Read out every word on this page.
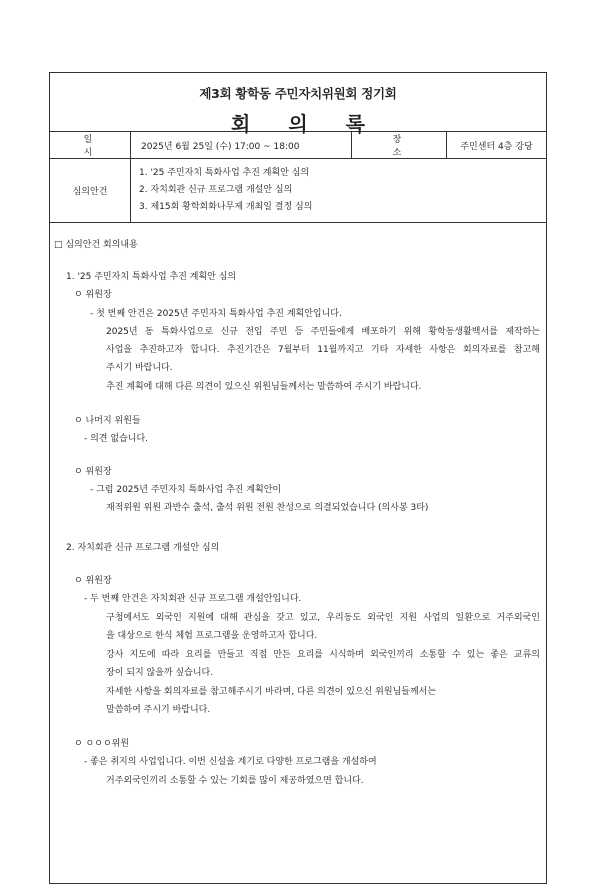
제3회 황학동 주민자치위원회 정기회
회의록
일 시	2025년 6월 25일 (수) 17:00 ~ 18:00	장 소	주민센터 4층 강당
심의안건	1. '25 주민자치 특화사업 추진 계획안 심의
2. 자치회관 신규 프로그램 개설안 심의
3. 제15회 황학회화나무제 개최일 결정 심의		
□ 심의안건 회의내용
1. '25 주민자치 특화사업 추진 계획안 심의
ㅇ 위원장
- 첫 번째 안건은 2025년 주민자치 특화사업 추진 계획안입니다.
2025년 동 특화사업으로 신규 전입 주민 등 주민들에게 배포하기 위해 황학동생활백서를 제작하는
사업을 추진하고자 합니다. 추진기간은 7월부터 11월까지고 기타 자세한 사항은 회의자료를 참고해
주시기 바랍니다.
추진 계획에 대해 다른 의견이 있으신 위원님들께서는 말씀하여 주시기 바랍니다.
ㅇ 나머지 위원들
- 의견 없습니다.
ㅇ 위원장
- 그럼 2025년 주민자치 특화사업 추진 계획안이
재적위원 위원 과반수 출석, 출석 위원 전원 찬성으로 의결되었습니다 (의사봉 3타)
2. 자치회관 신규 프로그램 개설안 심의
ㅇ 위원장
- 두 번째 안건은 자치회관 신규 프로그램 개설안입니다.
구청에서도 외국인 지원에 대해 관심을 갖고 있고, 우리동도 외국인 지원 사업의 일환으로 거주외국인
을 대상으로 한식 체험 프로그램을 운영하고자 합니다.
강사 지도에 따라 요리를 만들고 직접 만든 요리를 시식하며 외국인끼리 소통할 수 있는 좋은 교류의
장이 되지 않을까 싶습니다.
자세한 사항을 회의자료를 참고해주시기 바라며, 다른 의견이 있으신 위원님들께서는
말씀하여 주시기 바랍니다.
ㅇ ㅇㅇㅇ위원
- 좋은 취지의 사업입니다. 이번 신설을 계기로 다양한 프로그램을 개설하여
거주외국인끼리 소통할 수 있는 기회를 많이 제공하였으면 합니다.
